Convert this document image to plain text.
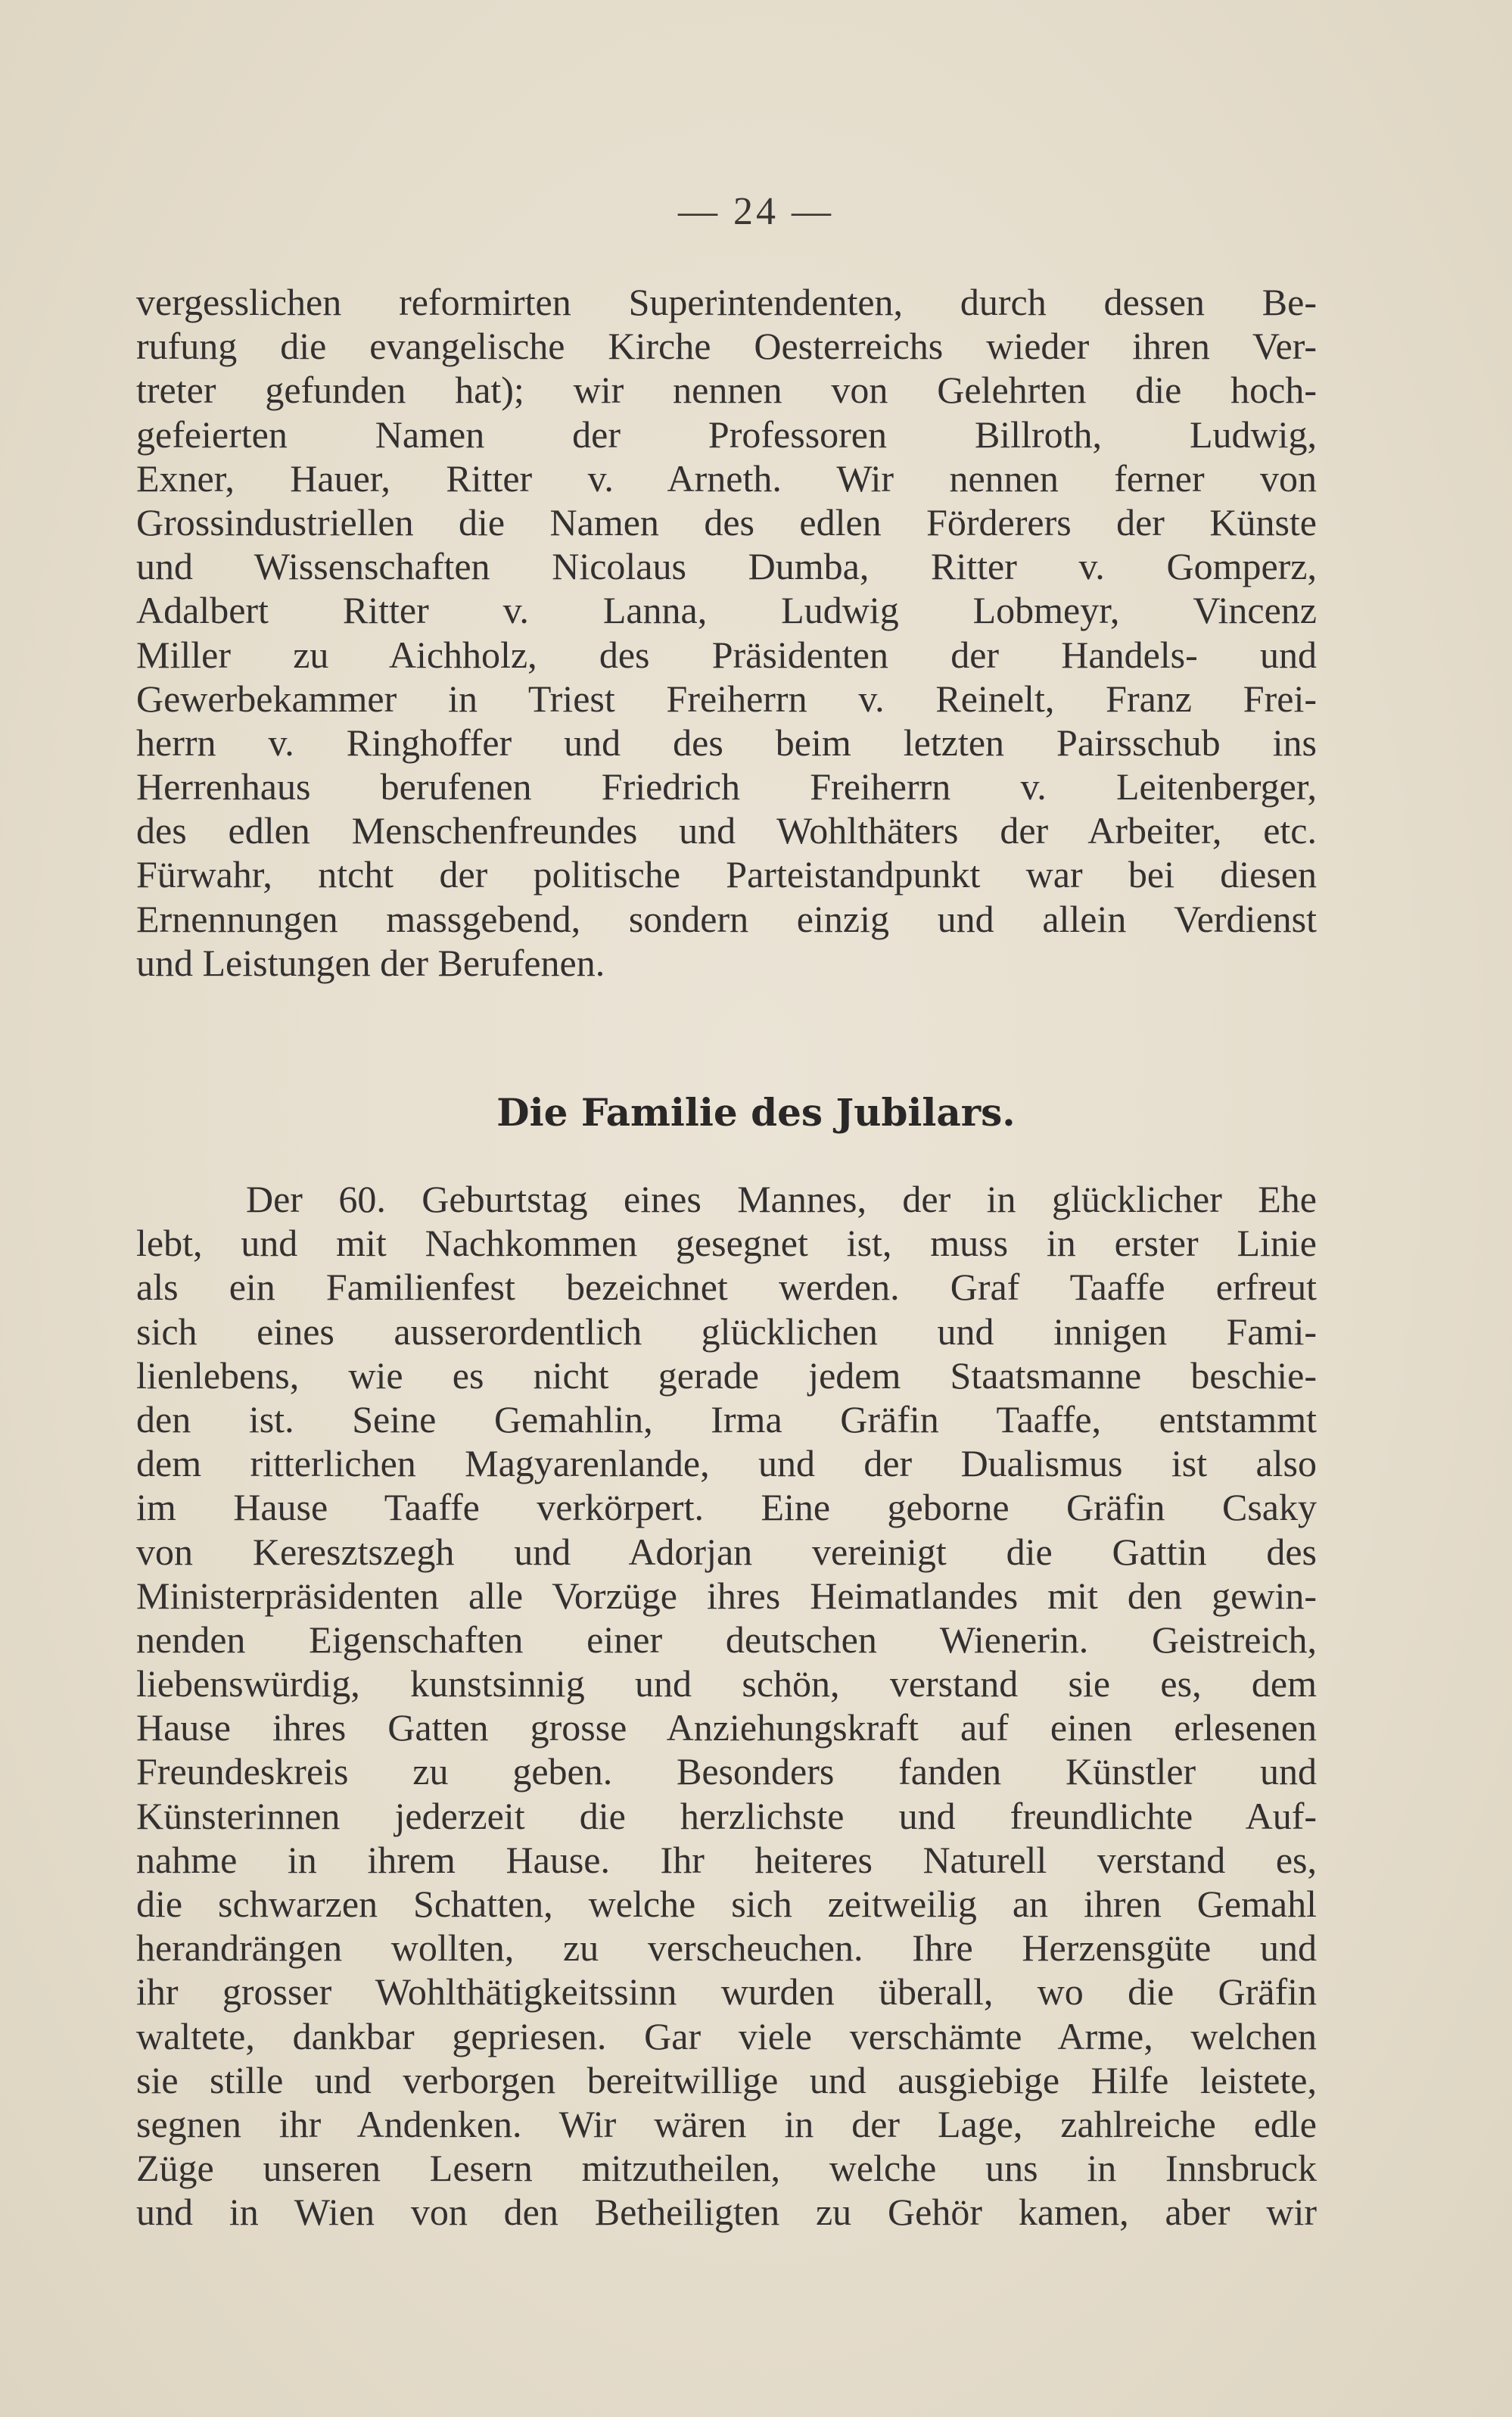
— 24 —
vergesslichen reformirten Superintendenten, durch dessen Be-
rufung die evangelische Kirche Oesterreichs wieder ihren Ver-
treter gefunden hat); wir nennen von Gelehrten die hoch-
gefeierten Namen der Professoren Billroth, Ludwig,
Exner, Hauer, Ritter v. Arneth. Wir nennen ferner von
Grossindustriellen die Namen des edlen Förderers der Künste
und Wissenschaften Nicolaus Dumba, Ritter v. Gomperz,
Adalbert Ritter v. Lanna, Ludwig Lobmeyr, Vincenz
Miller zu Aichholz, des Präsidenten der Handels- und
Gewerbekammer in Triest Freiherrn v. Reinelt, Franz Frei-
herrn v. Ringhoffer und des beim letzten Pairsschub ins
Herrenhaus berufenen Friedrich Freiherrn v. Leitenberger,
des edlen Menschenfreundes und Wohlthäters der Arbeiter, etc.
Fürwahr, ntcht der politische Parteistandpunkt war bei diesen
Ernennungen massgebend, sondern einzig und allein Verdienst
und Leistungen der Berufenen.
Die Familie des Jubilars.
Der 60. Geburtstag eines Mannes, der in glücklicher Ehe
lebt, und mit Nachkommen gesegnet ist, muss in erster Linie
als ein Familienfest bezeichnet werden. Graf Taaffe erfreut
sich eines ausserordentlich glücklichen und innigen Fami-
lienlebens, wie es nicht gerade jedem Staatsmanne beschie-
den ist. Seine Gemahlin, Irma Gräfin Taaffe, entstammt
dem ritterlichen Magyarenlande, und der Dualismus ist also
im Hause Taaffe verkörpert. Eine geborne Gräfin Csaky
von Keresztszegh und Adorjan vereinigt die Gattin des
Ministerpräsidenten alle Vorzüge ihres Heimatlandes mit den gewin-
nenden Eigenschaften einer deutschen Wienerin. Geistreich,
liebenswürdig, kunstsinnig und schön, verstand sie es, dem
Hause ihres Gatten grosse Anziehungskraft auf einen erlesenen
Freundeskreis zu geben. Besonders fanden Künstler und
Künsterinnen jederzeit die herzlichste und freundlichte Auf-
nahme in ihrem Hause. Ihr heiteres Naturell verstand es,
die schwarzen Schatten, welche sich zeitweilig an ihren Gemahl
herandrängen wollten, zu verscheuchen. Ihre Herzensgüte und
ihr grosser Wohlthätigkeitssinn wurden überall, wo die Gräfin
waltete, dankbar gepriesen. Gar viele verschämte Arme, welchen
sie stille und verborgen bereitwillige und ausgiebige Hilfe leistete,
segnen ihr Andenken. Wir wären in der Lage, zahlreiche edle
Züge unseren Lesern mitzutheilen, welche uns in Innsbruck
und in Wien von den Betheiligten zu Gehör kamen, aber wir
